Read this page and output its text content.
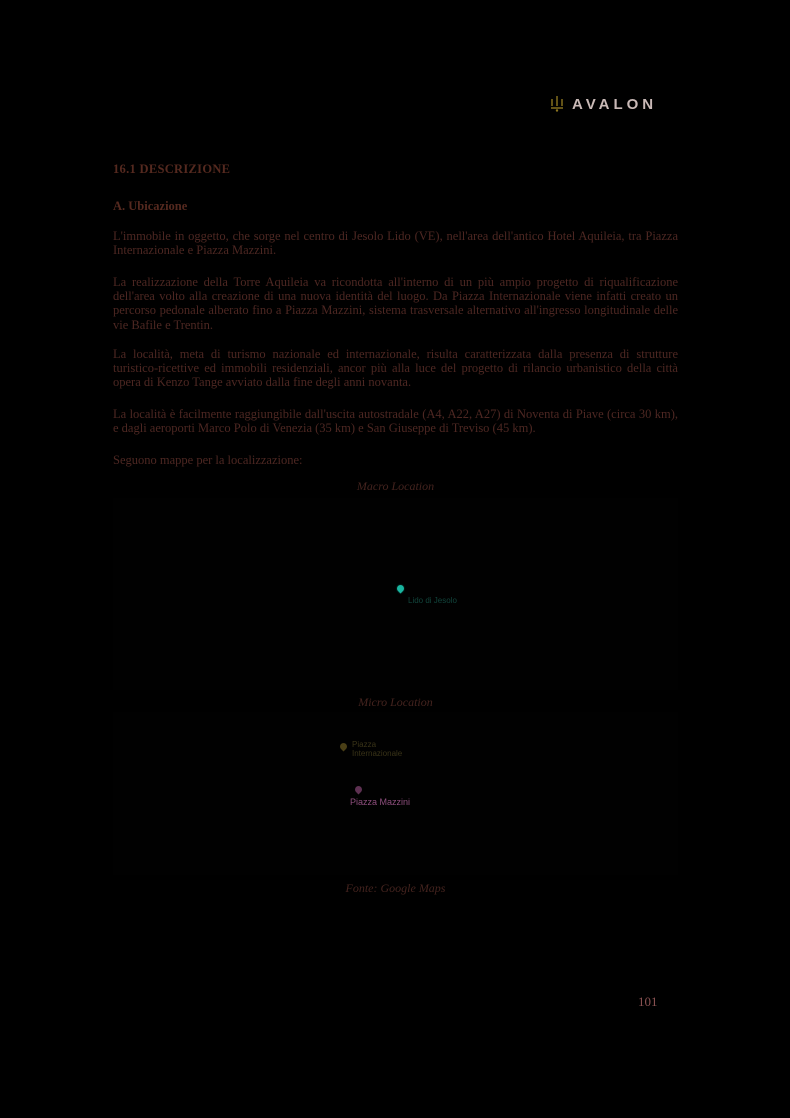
AVALON
16.1 DESCRIZIONE
A. Ubicazione
L'immobile in oggetto, che sorge nel centro di Jesolo Lido (VE), nell'area dell'antico Hotel Aquileia, tra Piazza Internazionale e Piazza Mazzini.
La realizzazione della Torre Aquileia va ricondotta all'interno di un più ampio progetto di riqualificazione dell'area volto alla creazione di una nuova identità del luogo. Da Piazza Internazionale viene infatti creato un percorso pedonale alberato fino a Piazza Mazzini, sistema trasversale alternativo all'ingresso longitudinale delle vie Bafile e Trentin.
La località, meta di turismo nazionale ed internazionale, risulta caratterizzata dalla presenza di strutture turistico-ricettive ed immobili residenziali, ancor più alla luce del progetto di rilancio urbanistico della città opera di Kenzo Tange avviato dalla fine degli anni novanta.
La località è facilmente raggiungibile dall'uscita autostradale (A4, A22, A27) di Noventa di Piave (circa 30 km), e dagli aeroporti Marco Polo di Venezia (35 km) e San Giuseppe di Treviso (45 km).
Seguono mappe per la localizzazione:
Macro Location
Lido di Jesolo
Micro Location
Piazza Internazionale
Piazza Mazzini
Fonte: Google Maps
101
